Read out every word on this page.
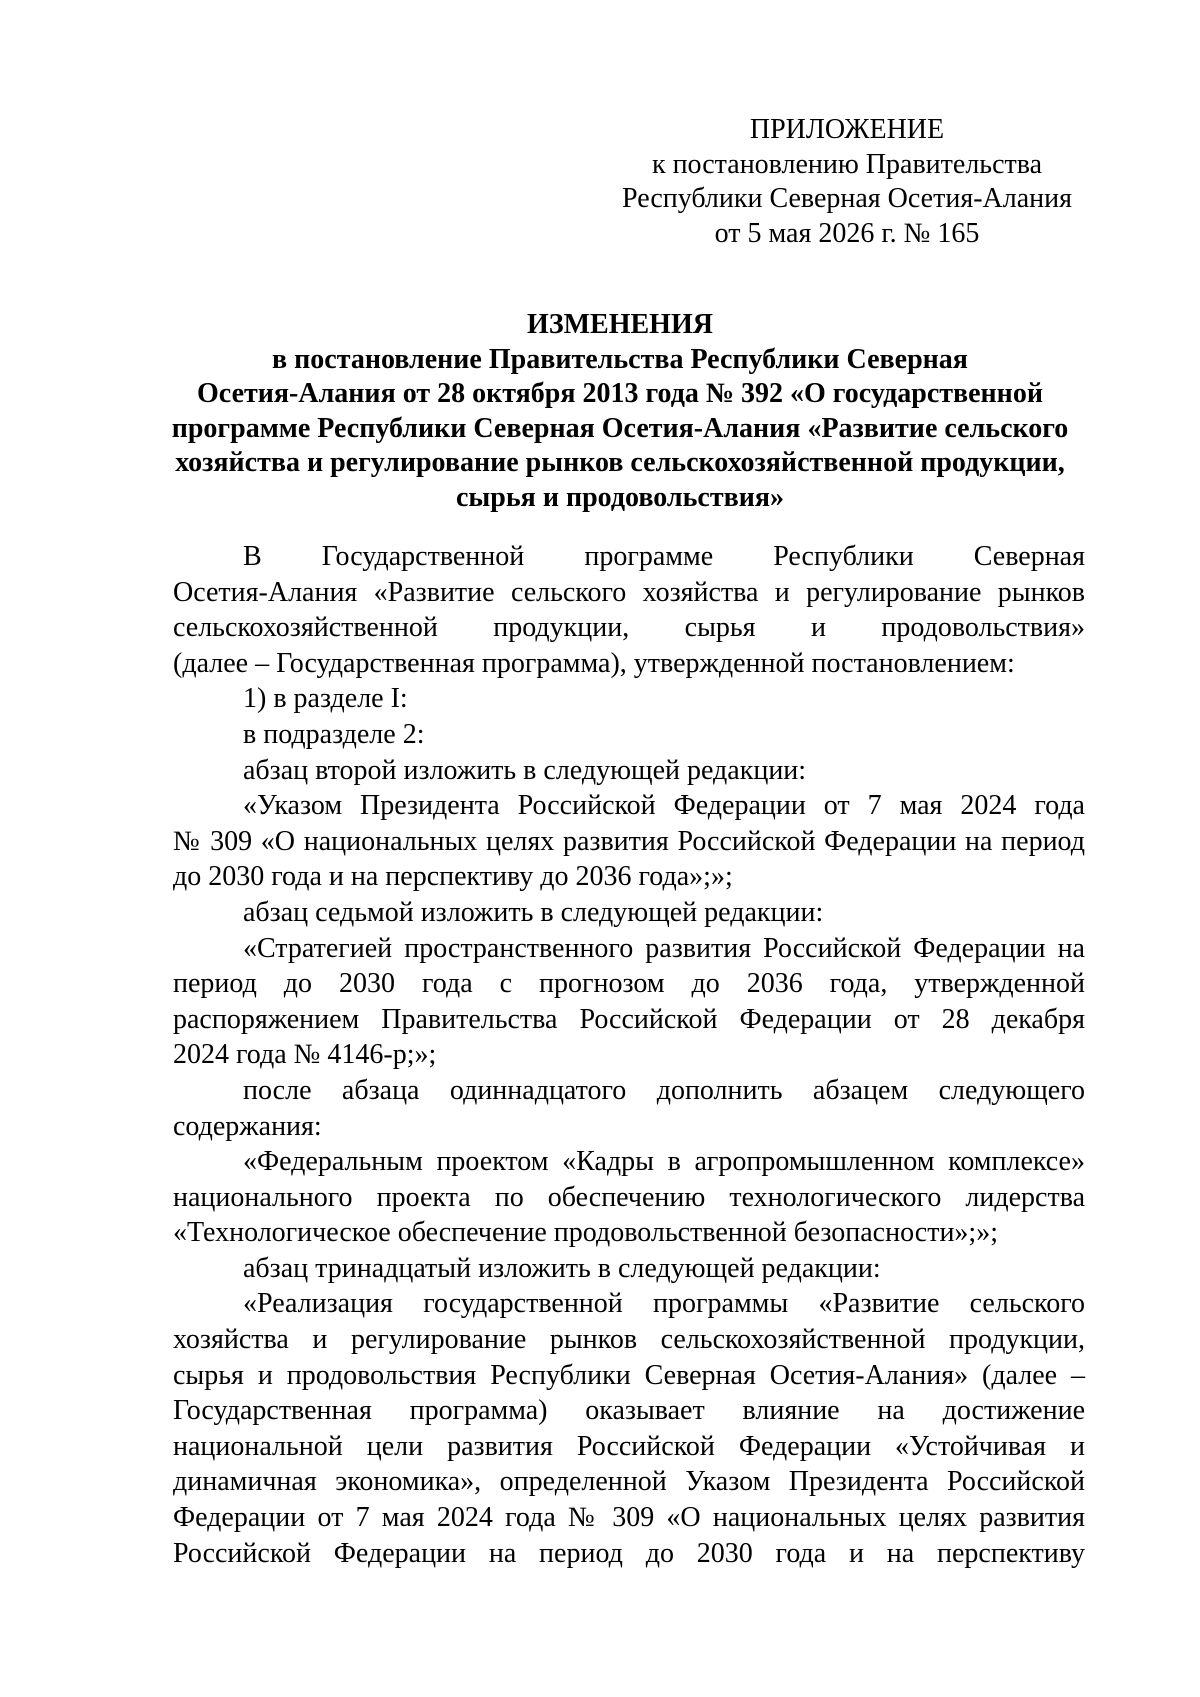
ПРИЛОЖЕНИЕ
к постановлению Правительства
Республики Северная Осетия-Алания
от 5 мая 2026 г. № 165
ИЗМЕНЕНИЯ
в постановление Правительства Республики Северная
Осетия-Алания от 28 октября 2013 года № 392 «О государственной
программе Республики Северная Осетия-Алания «Развитие сельского
хозяйства и регулирование рынков сельскохозяйственной продукции,
сырья и продовольствия»
В Государственной программе Республики Северная
Осетия-Алания «Развитие сельского хозяйства и регулирование рынков
сельскохозяйственной продукции, сырья и продовольствия»
(далее – Государственная программа), утвержденной постановлением:
1) в разделе I:
в подразделе 2:
абзац второй изложить в следующей редакции:
«Указом Президента Российской Федерации от 7 мая 2024 года
№ 309 «О национальных целях развития Российской Федерации на период
до 2030 года и на перспективу до 2036 года»;»;
абзац седьмой изложить в следующей редакции:
«Стратегией пространственного развития Российской Федерации на
период до 2030 года с прогнозом до 2036 года, утвержденной
распоряжением Правительства Российской Федерации от 28 декабря
2024 года № 4146-р;»;
после абзаца одиннадцатого дополнить абзацем следующего
содержания:
«Федеральным проектом «Кадры в агропромышленном комплексе»
национального проекта по обеспечению технологического лидерства
«Технологическое обеспечение продовольственной безопасности»;»;
абзац тринадцатый изложить в следующей редакции:
«Реализация государственной программы «Развитие сельского
хозяйства и регулирование рынков сельскохозяйственной продукции,
сырья и продовольствия Республики Северная Осетия-Алания» (далее –
Государственная программа) оказывает влияние на достижение
национальной цели развития Российской Федерации «Устойчивая и
динамичная экономика», определенной Указом Президента Российской
Федерации от 7 мая 2024 года № 309 «О национальных целях развития
Российской Федерации на период до 2030 года и на перспективу
